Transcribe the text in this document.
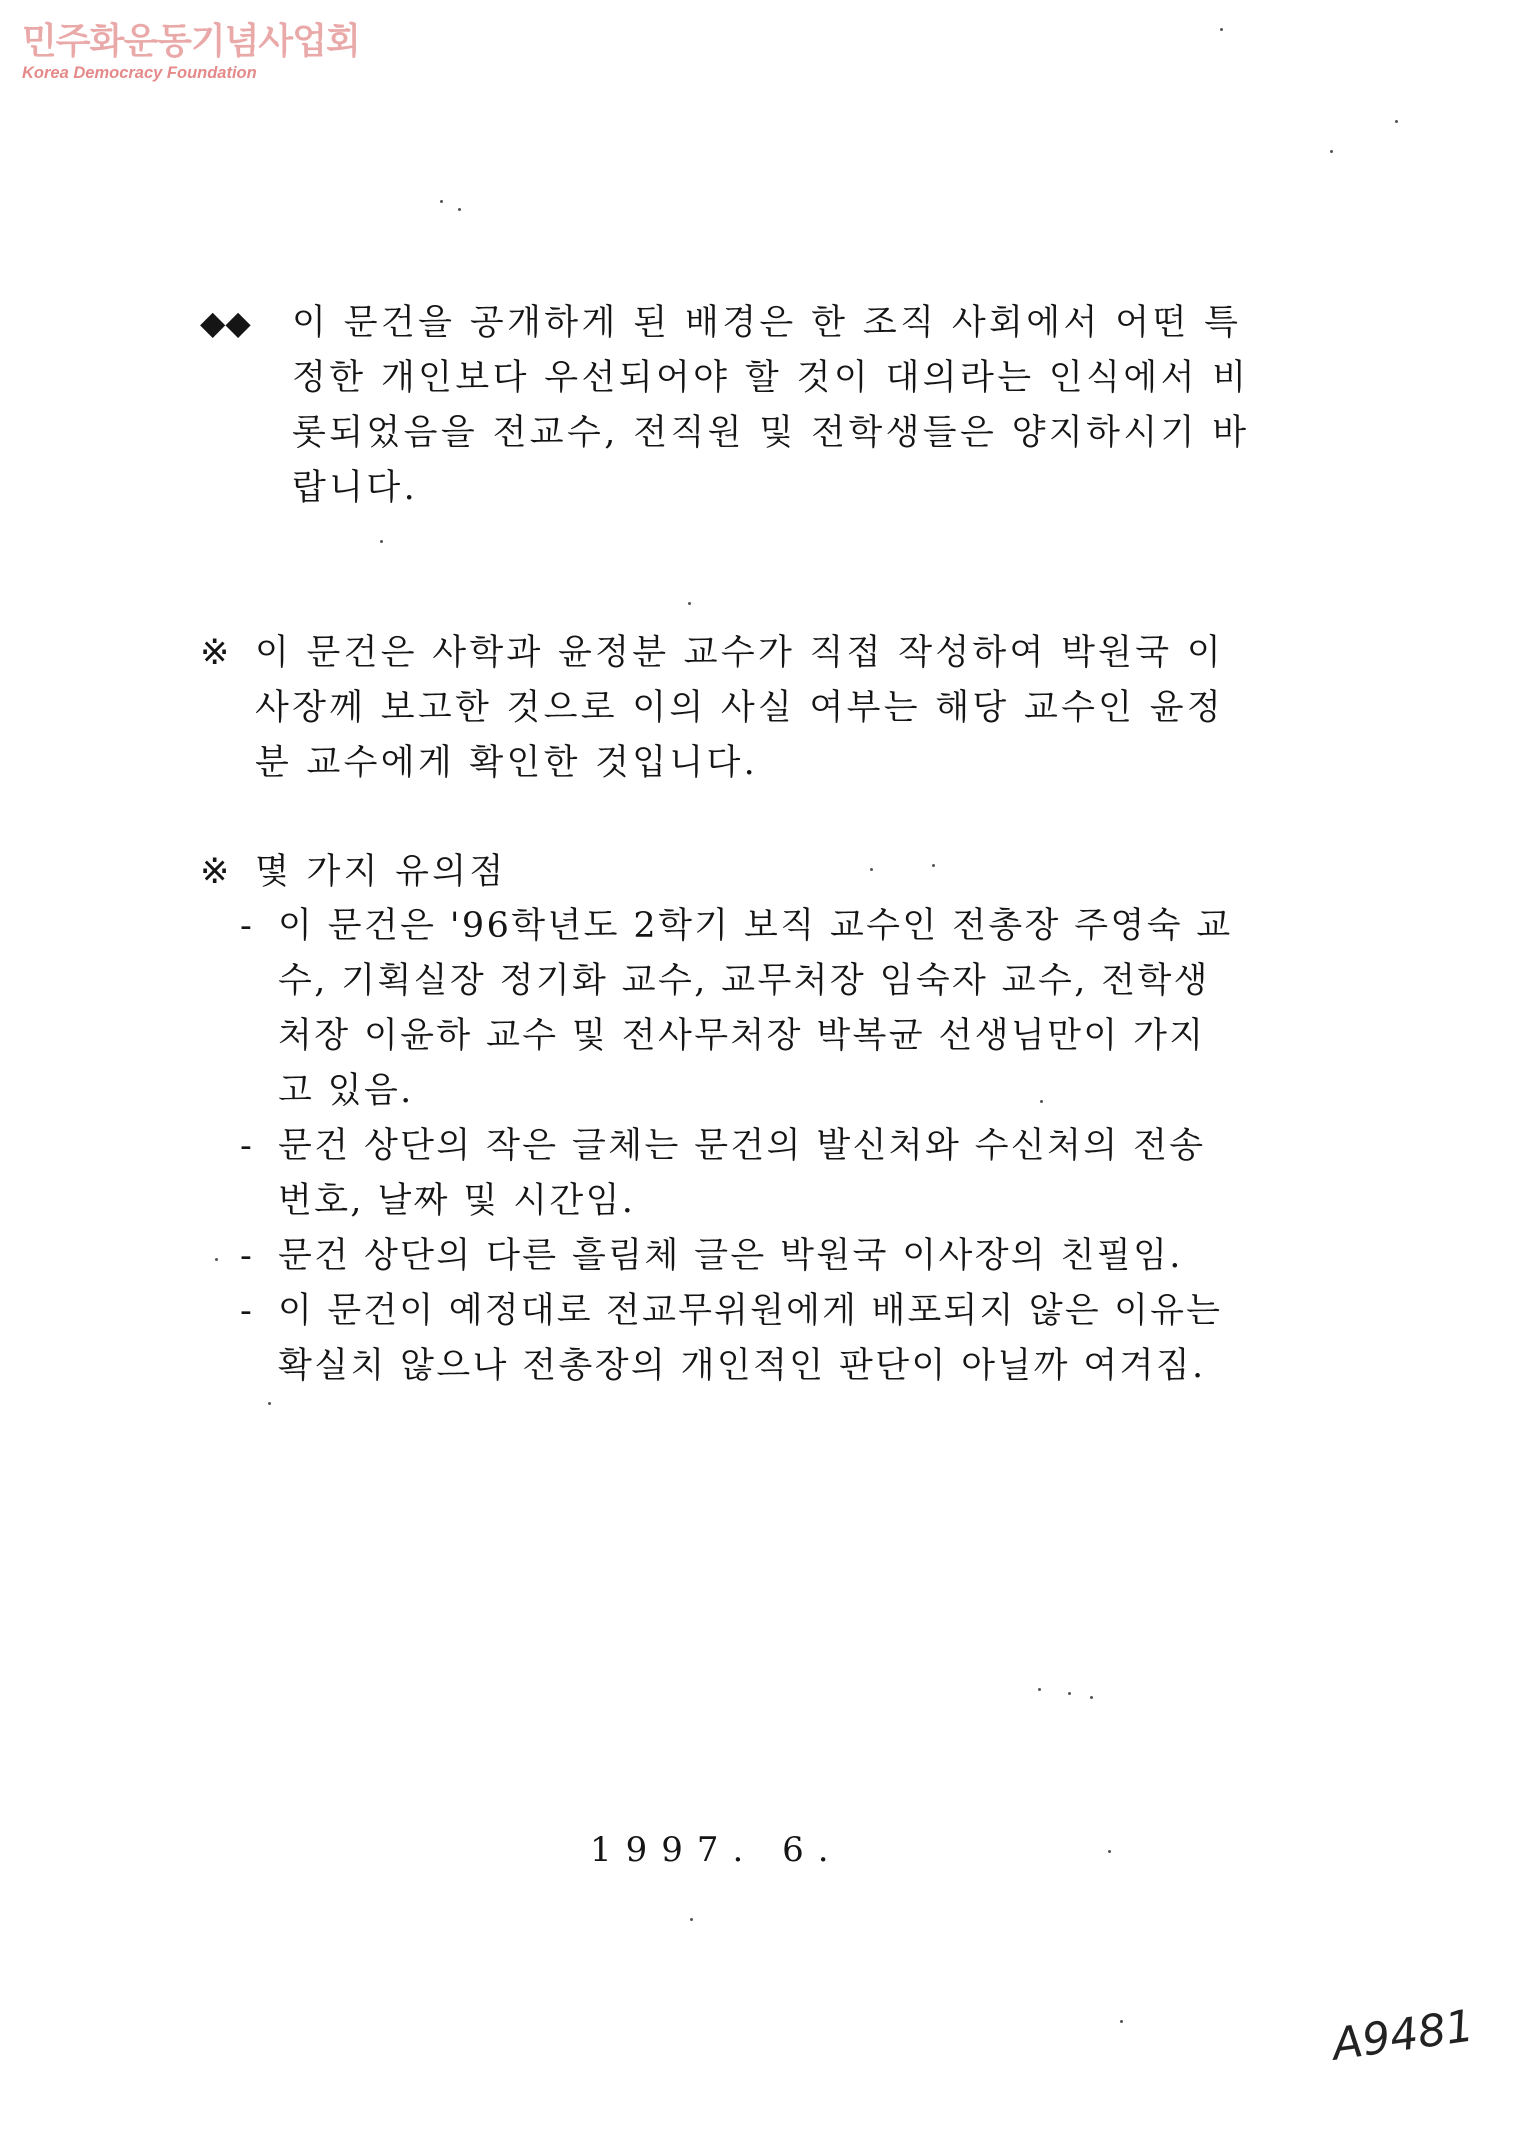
민주화운동기념사업회
Korea Democracy Foundation
◆◆ 이 문건을 공개하게 된 배경은 한 조직 사회에서 어떤 특
정한 개인보다 우선되어야 할 것이 대의라는 인식에서 비
롯되었음을 전교수, 전직원 및 전학생들은 양지하시기 바
랍니다.
※ 이 문건은 사학과 윤정분 교수가 직접 작성하여 박원국 이
사장께 보고한 것으로 이의 사실 여부는 해당 교수인 윤정
분 교수에게 확인한 것입니다.
※ 몇 가지 유의점
- 이 문건은 '96학년도 2학기 보직 교수인 전총장 주영숙 교
수, 기획실장 정기화 교수, 교무처장 임숙자 교수, 전학생
처장 이윤하 교수 및 전사무처장 박복균 선생님만이 가지
고 있음.
- 문건 상단의 작은 글체는 문건의 발신처와 수신처의 전송
번호, 날짜 및 시간임.
- 문건 상단의 다른 흘림체 글은 박원국 이사장의 친필임.
- 이 문건이 예정대로 전교무위원에게 배포되지 않은 이유는
확실치 않으나 전총장의 개인적인 판단이 아닐까 여겨짐.
1997. 6.
A9481
